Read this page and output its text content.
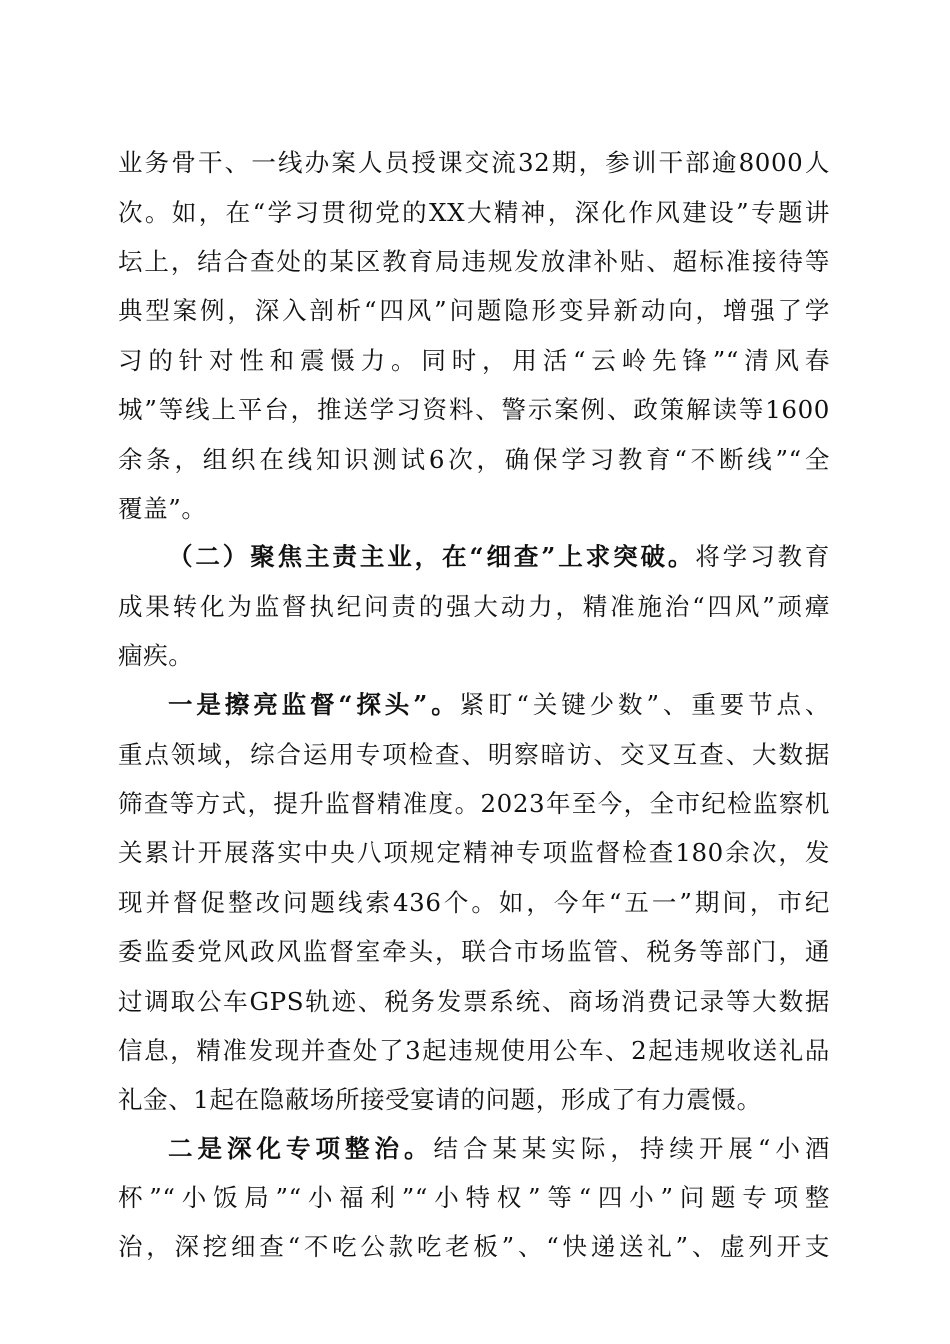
业务骨干、一线办案人员授课交流32期，参训干部逾8000人
次。如，在“学习贯彻党的XX大精神，深化作风建设”专题讲
坛上，结合查处的某区教育局违规发放津补贴、超标准接待等
典型案例，深入剖析“四风”问题隐形变异新动向，增强了学
习的针对性和震慑力。同时，用活“云岭先锋”“清风春
城”等线上平台，推送学习资料、警示案例、政策解读等1600
余条，组织在线知识测试6次，确保学习教育“不断线”“全
覆盖”。
（二）聚焦主责主业，在“细查”上求突破。将学习教育
成果转化为监督执纪问责的强大动力，精准施治“四风”顽瘴
痼疾。
一是擦亮监督“探头”。紧盯“关键少数”、重要节点、
重点领域，综合运用专项检查、明察暗访、交叉互查、大数据
筛查等方式，提升监督精准度。2023年至今，全市纪检监察机
关累计开展落实中央八项规定精神专项监督检查180余次，发
现并督促整改问题线索436个。如，今年“五一”期间，市纪
委监委党风政风监督室牵头，联合市场监管、税务等部门，通
过调取公车GPS轨迹、税务发票系统、商场消费记录等大数据
信息，精准发现并查处了3起违规使用公车、2起违规收送礼品
礼金、1起在隐蔽场所接受宴请的问题，形成了有力震慑。
二是深化专项整治。结合某某实际，持续开展“小酒
杯”“小饭局”“小福利”“小特权”等“四小”问题专项整
治，深挖细查“不吃公款吃老板”、“快递送礼”、虚列开支
